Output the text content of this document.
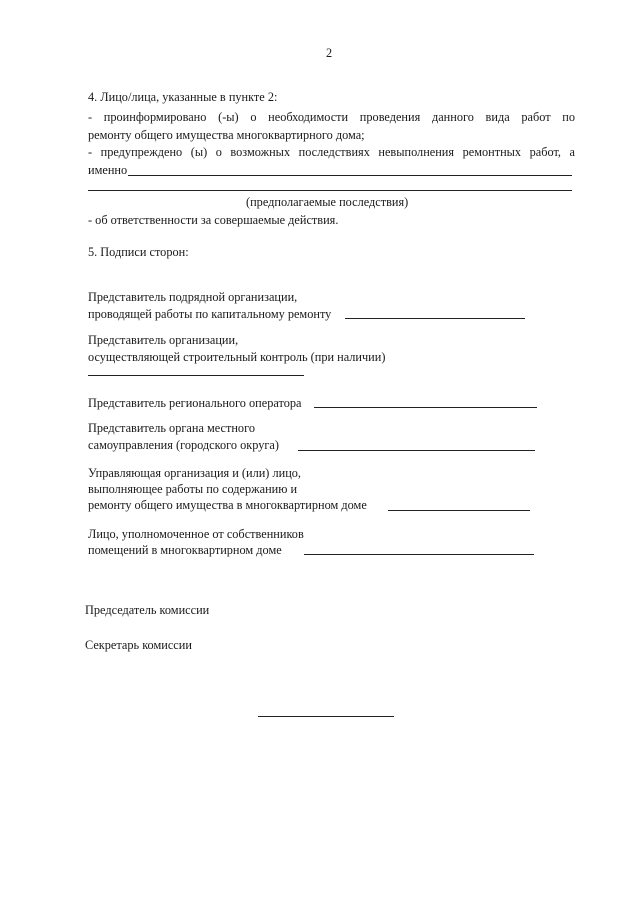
2
4. Лицо/лица, указанные в пункте 2:
- проинформировано (-ы) о необходимости проведения данного вида работ по
ремонту общего имущества многоквартирного дома;
- предупреждено (ы) о возможных последствиях невыполнения ремонтных работ, а
именно
(предполагаемые последствия)
- об ответственности за совершаемые действия.
5. Подписи сторон:
Представитель подрядной организации,
проводящей работы по капитальному ремонту
Представитель организации,
осуществляющей строительный контроль (при наличии)
Представитель регионального оператора
Представитель органа местного
самоуправления (городского округа)
Управляющая организация и (или) лицо,
выполняющее работы по содержанию и
ремонту общего имущества в многоквартирном доме
Лицо, уполномоченное от собственников
помещений в многоквартирном доме
Председатель комиссии
Секретарь комиссии
